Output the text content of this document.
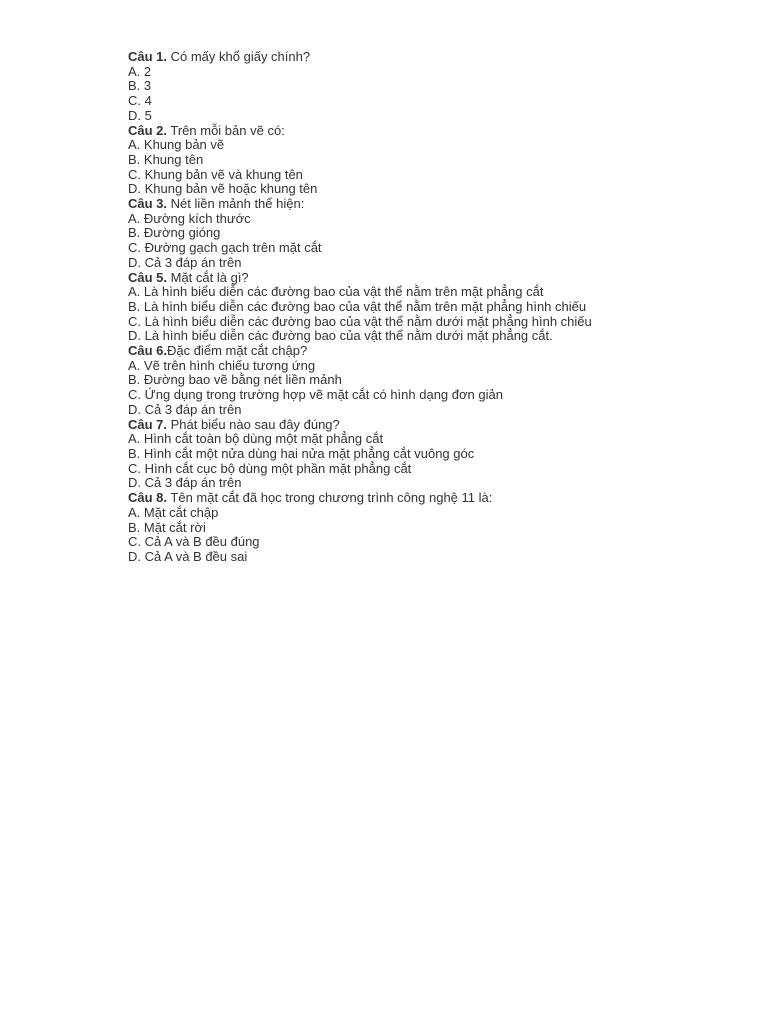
Câu 1. Có mấy khổ giấy chính?
A. 2
B. 3
C. 4
D. 5
Câu 2. Trên mỗi bản vẽ có:
A. Khung bản vẽ
B. Khung tên
C. Khung bản vẽ và khung tên
D. Khung bản vẽ hoặc khung tên
Câu 3. Nét liền mảnh thể hiện:
A. Đường kích thước
B. Đường gióng
C. Đường gạch gạch trên mặt cắt
D. Cả 3 đáp án trên
Câu 5. Mặt cắt là gì?
A. Là hình biểu diễn các đường bao của vật thể nằm trên mặt phẳng cắt
B. Là hình biểu diễn các đường bao của vật thể nằm trên mặt phẳng hình chiếu
C. Là hình biểu diễn các đường bao của vật thể nằm dưới mặt phẳng hình chiếu
D. Là hình biểu diễn các đường bao của vật thể nằm dưới mặt phẳng cắt.
Câu 6.Đặc điểm mặt cắt chập?
A. Vẽ trên hình chiếu tương ứng
B. Đường bao vẽ bằng nét liền mảnh
C. Ứng dụng trong trường hợp vẽ mặt cắt có hình dạng đơn giản
D. Cả 3 đáp án trên
Câu 7. Phát biểu nào sau đây đúng?
A. Hình cắt toàn bộ dùng một mặt phẳng cắt
B. Hình cắt một nửa dùng hai nửa mặt phẳng cắt vuông góc
C. Hình cắt cục bộ dùng một phần mặt phẳng cắt
D. Cả 3 đáp án trên
Câu 8. Tên mặt cắt đã học trong chương trình công nghệ 11 là:
A. Mặt cắt chập
B. Mặt cắt rời
C. Cả A và B đều đúng
D. Cả A và B đều sai
